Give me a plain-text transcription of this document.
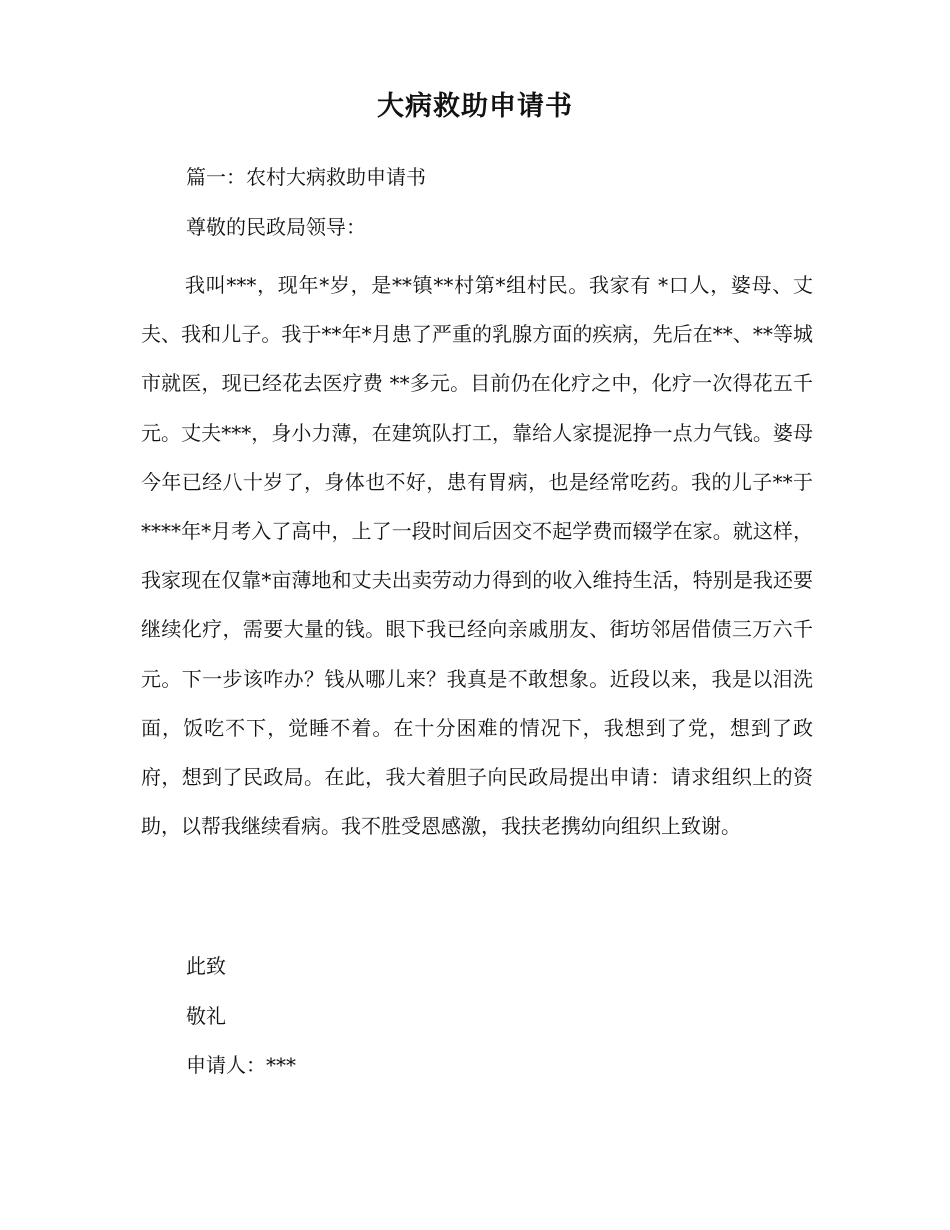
大病救助申请书

篇一：农村大病救助申请书

尊敬的民政局领导：

我叫***，现年*岁，是**镇**村第*组村民。我家有 *口人，婆母、丈夫、我和儿子。我于**年*月患了严重的乳腺方面的疾病，先后在**、**等城市就医，现已经花去医疗费 **多元。目前仍在化疗之中，化疗一次得花五千元。丈夫***，身小力薄，在建筑队打工，靠给人家提泥挣一点力气钱。婆母今年已经八十岁了，身体也不好，患有胃病，也是经常吃药。我的儿子**于****年*月考入了高中，上了一段时间后因交不起学费而辍学在家。就这样，我家现在仅靠*亩薄地和丈夫出卖劳动力得到的收入维持生活，特别是我还要继续化疗，需要大量的钱。眼下我已经向亲戚朋友、街坊邻居借债三万六千元。下一步该咋办？钱从哪儿来？我真是不敢想象。近段以来，我是以泪洗面，饭吃不下，觉睡不着。在十分困难的情况下，我想到了党，想到了政府，想到了民政局。在此，我大着胆子向民政局提出申请：请求组织上的资助，以帮我继续看病。我不胜受恩感激，我扶老携幼向组织上致谢。

此致

敬礼

申请人：***
